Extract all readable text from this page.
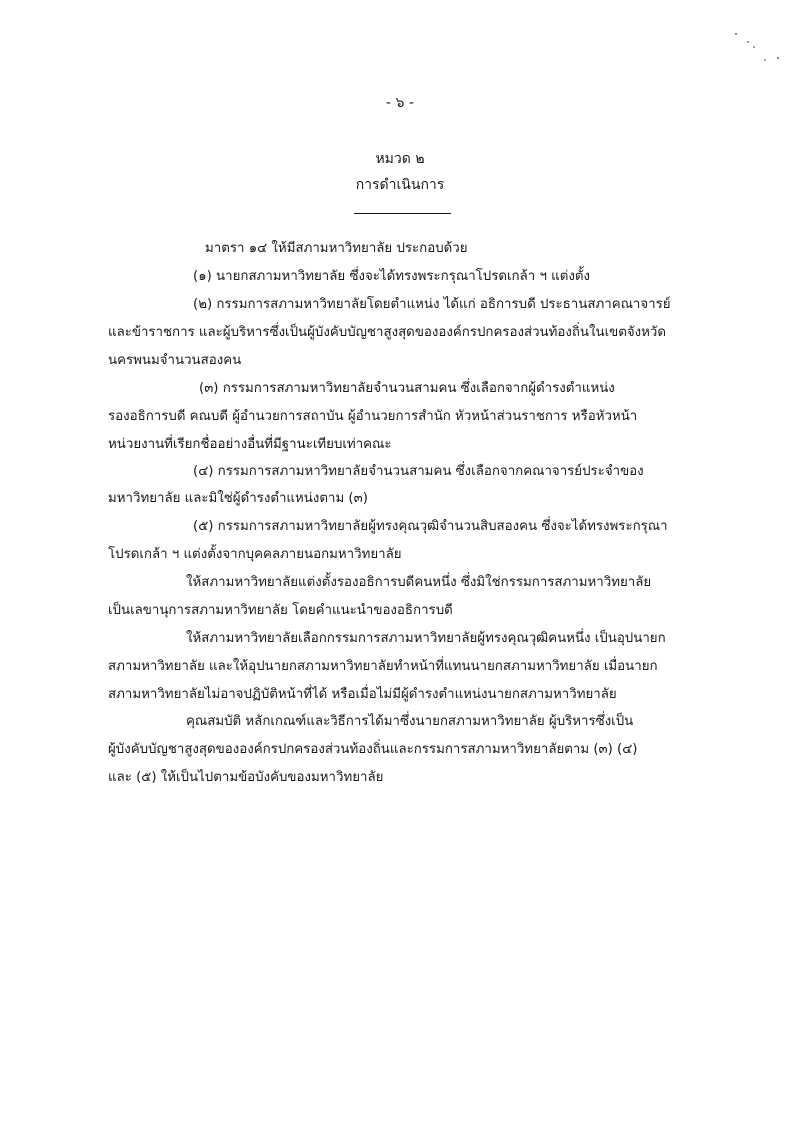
- ๖ -
หมวด ๒
การดำเนินการ
มาตรา ๑๔ ให้มีสภามหาวิทยาลัย ประกอบด้วย
(๑) นายกสภามหาวิทยาลัย ซึ่งจะได้ทรงพระกรุณาโปรดเกล้า ฯ แต่งตั้ง
(๒) กรรมการสภามหาวิทยาลัยโดยตำแหน่ง ได้แก่ อธิการบดี ประธานสภาคณาจารย์
และข้าราชการ และผู้บริหารซึ่งเป็นผู้บังคับบัญชาสูงสุดขององค์กรปกครองส่วนท้องถิ่นในเขตจังหวัด
นครพนมจำนวนสองคน
(๓) กรรมการสภามหาวิทยาลัยจำนวนสามคน ซึ่งเลือกจากผู้ดำรงตำแหน่ง
รองอธิการบดี คณบดี ผู้อำนวยการสถาบัน ผู้อำนวยการสำนัก หัวหน้าส่วนราชการ หรือหัวหน้า
หน่วยงานที่เรียกชื่ออย่างอื่นที่มีฐานะเทียบเท่าคณะ
(๔) กรรมการสภามหาวิทยาลัยจำนวนสามคน ซึ่งเลือกจากคณาจารย์ประจำของ
มหาวิทยาลัย และมิใช่ผู้ดำรงตำแหน่งตาม (๓)
(๕) กรรมการสภามหาวิทยาลัยผู้ทรงคุณวุฒิจำนวนสิบสองคน ซึ่งจะได้ทรงพระกรุณา
โปรดเกล้า ฯ แต่งตั้งจากบุคคลภายนอกมหาวิทยาลัย
ให้สภามหาวิทยาลัยแต่งตั้งรองอธิการบดีคนหนึ่ง ซึ่งมิใช่กรรมการสภามหาวิทยาลัย
เป็นเลขานุการสภามหาวิทยาลัย โดยคำแนะนำของอธิการบดี
ให้สภามหาวิทยาลัยเลือกกรรมการสภามหาวิทยาลัยผู้ทรงคุณวุฒิคนหนึ่ง เป็นอุปนายก
สภามหาวิทยาลัย และให้อุปนายกสภามหาวิทยาลัยทำหน้าที่แทนนายกสภามหาวิทยาลัย เมื่อนายก
สภามหาวิทยาลัยไม่อาจปฏิบัติหน้าที่ได้ หรือเมื่อไม่มีผู้ดำรงตำแหน่งนายกสภามหาวิทยาลัย
คุณสมบัติ หลักเกณฑ์และวิธีการได้มาซึ่งนายกสภามหาวิทยาลัย ผู้บริหารซึ่งเป็น
ผู้บังคับบัญชาสูงสุดขององค์กรปกครองส่วนท้องถิ่นและกรรมการสภามหาวิทยาลัยตาม (๓) (๔)
และ (๕) ให้เป็นไปตามข้อบังคับของมหาวิทยาลัย
